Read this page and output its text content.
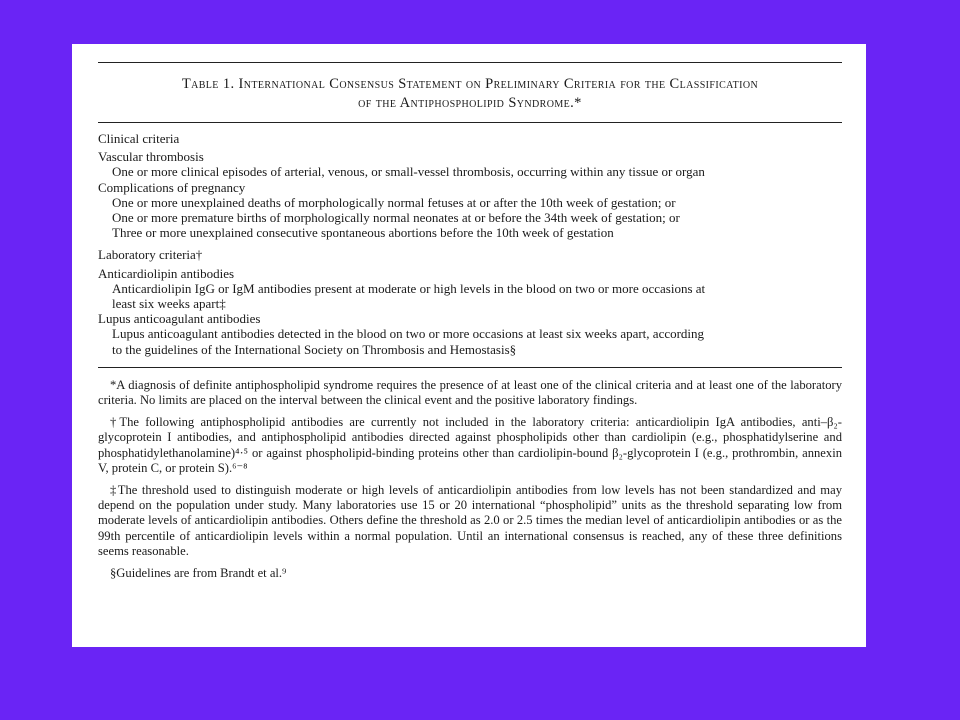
Table 1. International Consensus Statement on Preliminary Criteria for the Classification
of the Antiphospholipid Syndrome.*
Clinical criteria
Vascular thrombosis
One or more clinical episodes of arterial, venous, or small-vessel thrombosis, occurring within any tissue or organ
Complications of pregnancy
One or more unexplained deaths of morphologically normal fetuses at or after the 10th week of gestation; or
One or more premature births of morphologically normal neonates at or before the 34th week of gestation; or
Three or more unexplained consecutive spontaneous abortions before the 10th week of gestation
Laboratory criteria†
Anticardiolipin antibodies
Anticardiolipin IgG or IgM antibodies present at moderate or high levels in the blood on two or more occasions at
least six weeks apart‡
Lupus anticoagulant antibodies
Lupus anticoagulant antibodies detected in the blood on two or more occasions at least six weeks apart, according
to the guidelines of the International Society on Thrombosis and Hemostasis§

*A diagnosis of definite antiphospholipid syndrome requires the presence of at least one of the clinical criteria and at least one of the laboratory criteria. No limits are placed on the interval between the clinical event and the positive laboratory findings.

†The following antiphospholipid antibodies are currently not included in the laboratory criteria: anticardiolipin IgA antibodies, anti–β₂-glycoprotein I antibodies, and antiphospholipid antibodies directed against phospholipids other than cardiolipin (e.g., phosphatidylserine and phosphatidylethanolamine)⁴·⁵ or against phospholipid-binding proteins other than cardiolipin-bound β₂-glycoprotein I (e.g., prothrombin, annexin V, protein C, or protein S).⁶⁻⁸

‡The threshold used to distinguish moderate or high levels of anticardiolipin antibodies from low levels has not been standardized and may depend on the population under study. Many laboratories use 15 or 20 international “phospholipid” units as the threshold separating low from moderate levels of anticardiolipin antibodies. Others define the threshold as 2.0 or 2.5 times the median level of anticardiolipin antibodies or as the 99th percentile of anticardiolipin levels within a normal population. Until an international consensus is reached, any of these three definitions seems reasonable.

§Guidelines are from Brandt et al.⁹
